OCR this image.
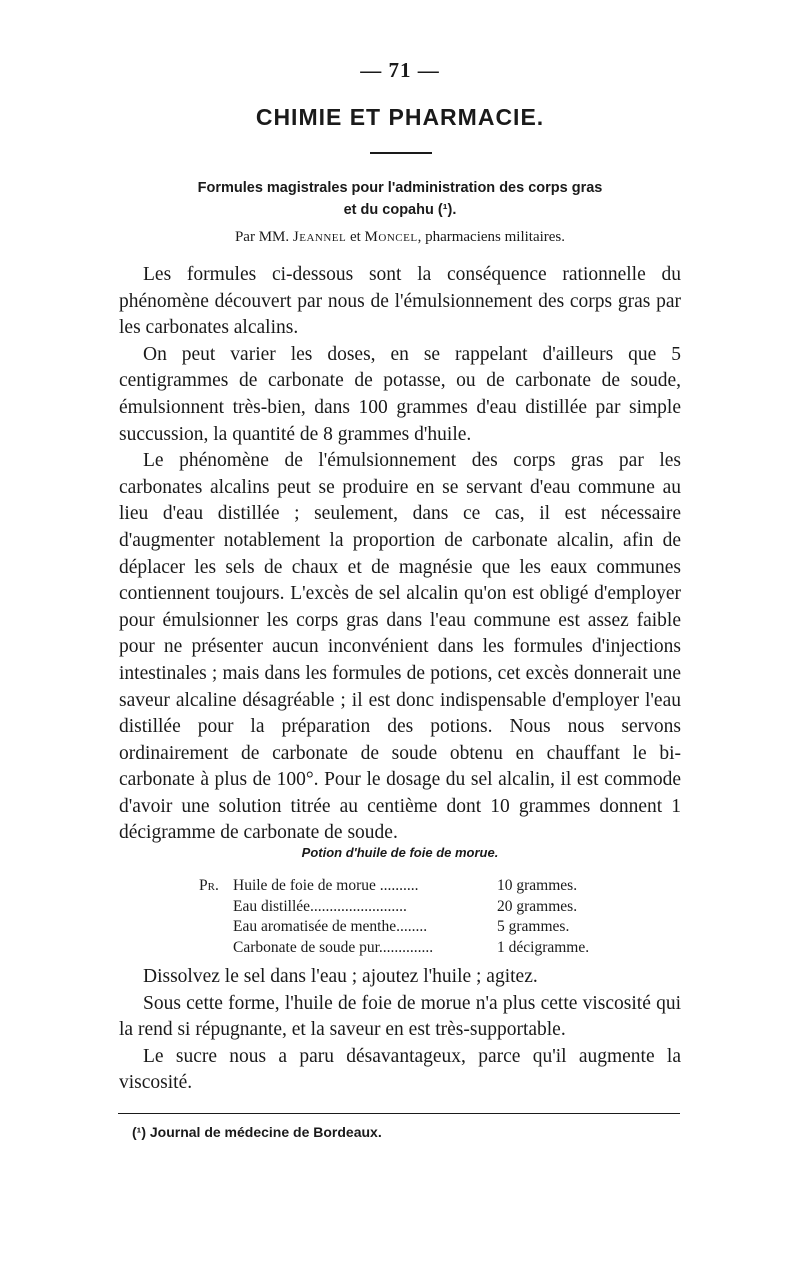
— 71 —
CHIMIE ET PHARMACIE.
Formules magistrales pour l'administration des corps gras
et du copahu (¹).
Par MM. Jeannel et Moncel, pharmaciens militaires.

Les formules ci-dessous sont la conséquence rationnelle du phénomène découvert par nous de l'émulsionnement des corps gras par les carbonates alcalins.

On peut varier les doses, en se rappelant d'ailleurs que 5 centigrammes de carbonate de potasse, ou de carbonate de soude, émulsionnent très-bien, dans 100 grammes d'eau distillée par simple succussion, la quantité de 8 grammes d'huile.

Le phénomène de l'émulsionnement des corps gras par les carbonates alcalins peut se produire en se servant d'eau commune au lieu d'eau distillée ; seulement, dans ce cas, il est nécessaire d'augmenter notablement la proportion de carbonate alcalin, afin de déplacer les sels de chaux et de magnésie que les eaux communes contiennent toujours. L'excès de sel alcalin qu'on est obligé d'employer pour émulsionner les corps gras dans l'eau commune est assez faible pour ne présenter aucun inconvénient dans les formules d'injections intestinales ; mais dans les formules de potions, cet excès donnerait une saveur alcaline désagréable ; il est donc indispensable d'employer l'eau distillée pour la préparation des potions. Nous nous servons ordinairement de carbonate de soude obtenu en chauffant le bi-carbonate à plus de 100°. Pour le dosage du sel alcalin, il est commode d'avoir une solution titrée au centième dont 10 grammes donnent 1 décigramme de carbonate de soude.

Potion d'huile de foie de morue.
Pr. Huile de foie de morue ..........	10 grammes.
Eau distillée.........................	20 grammes.
Eau aromatisée de menthe........	5 grammes.
Carbonate de soude pur..............	1 décigramme.

Dissolvez le sel dans l'eau ; ajoutez l'huile ; agitez.

Sous cette forme, l'huile de foie de morue n'a plus cette viscosité qui la rend si répugnante, et la saveur en est très-supportable.

Le sucre nous a paru désavantageux, parce qu'il augmente la viscosité.

(¹) Journal de médecine de Bordeaux.
